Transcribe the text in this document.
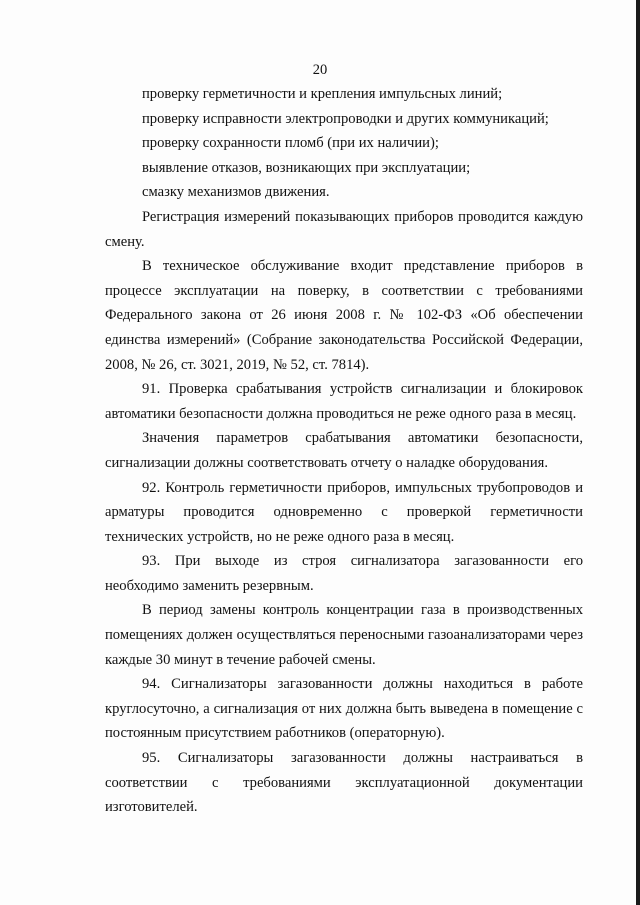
20

проверку герметичности и крепления импульсных линий;

проверку исправности электропроводки и других коммуникаций;

проверку сохранности пломб (при их наличии);

выявление отказов, возникающих при эксплуатации;

смазку механизмов движения.

Регистрация измерений показывающих приборов проводится каждую смену.

В техническое обслуживание входит представление приборов в процессе эксплуатации на поверку, в соответствии с требованиями Федерального закона от 26 июня 2008 г. № 102-ФЗ «Об обеспечении единства измерений» (Собрание законодательства Российской Федерации, 2008, № 26, ст. 3021, 2019, № 52, ст. 7814).

91. Проверка срабатывания устройств сигнализации и блокировок автоматики безопасности должна проводиться не реже одного раза в месяц.

Значения параметров срабатывания автоматики безопасности, сигнализации должны соответствовать отчету о наладке оборудования.

92. Контроль герметичности приборов, импульсных трубопроводов и арматуры проводится одновременно с проверкой герметичности технических устройств, но не реже одного раза в месяц.

93. При выходе из строя сигнализатора загазованности его необходимо заменить резервным.

В период замены контроль концентрации газа в производственных помещениях должен осуществляться переносными газоанализаторами через каждые 30 минут в течение рабочей смены.

94. Сигнализаторы загазованности должны находиться в работе круглосуточно, а сигнализация от них должна быть выведена в помещение с постоянным присутствием работников (операторную).

95. Сигнализаторы загазованности должны настраиваться в соответствии с требованиями эксплуатационной документации изготовителей.
